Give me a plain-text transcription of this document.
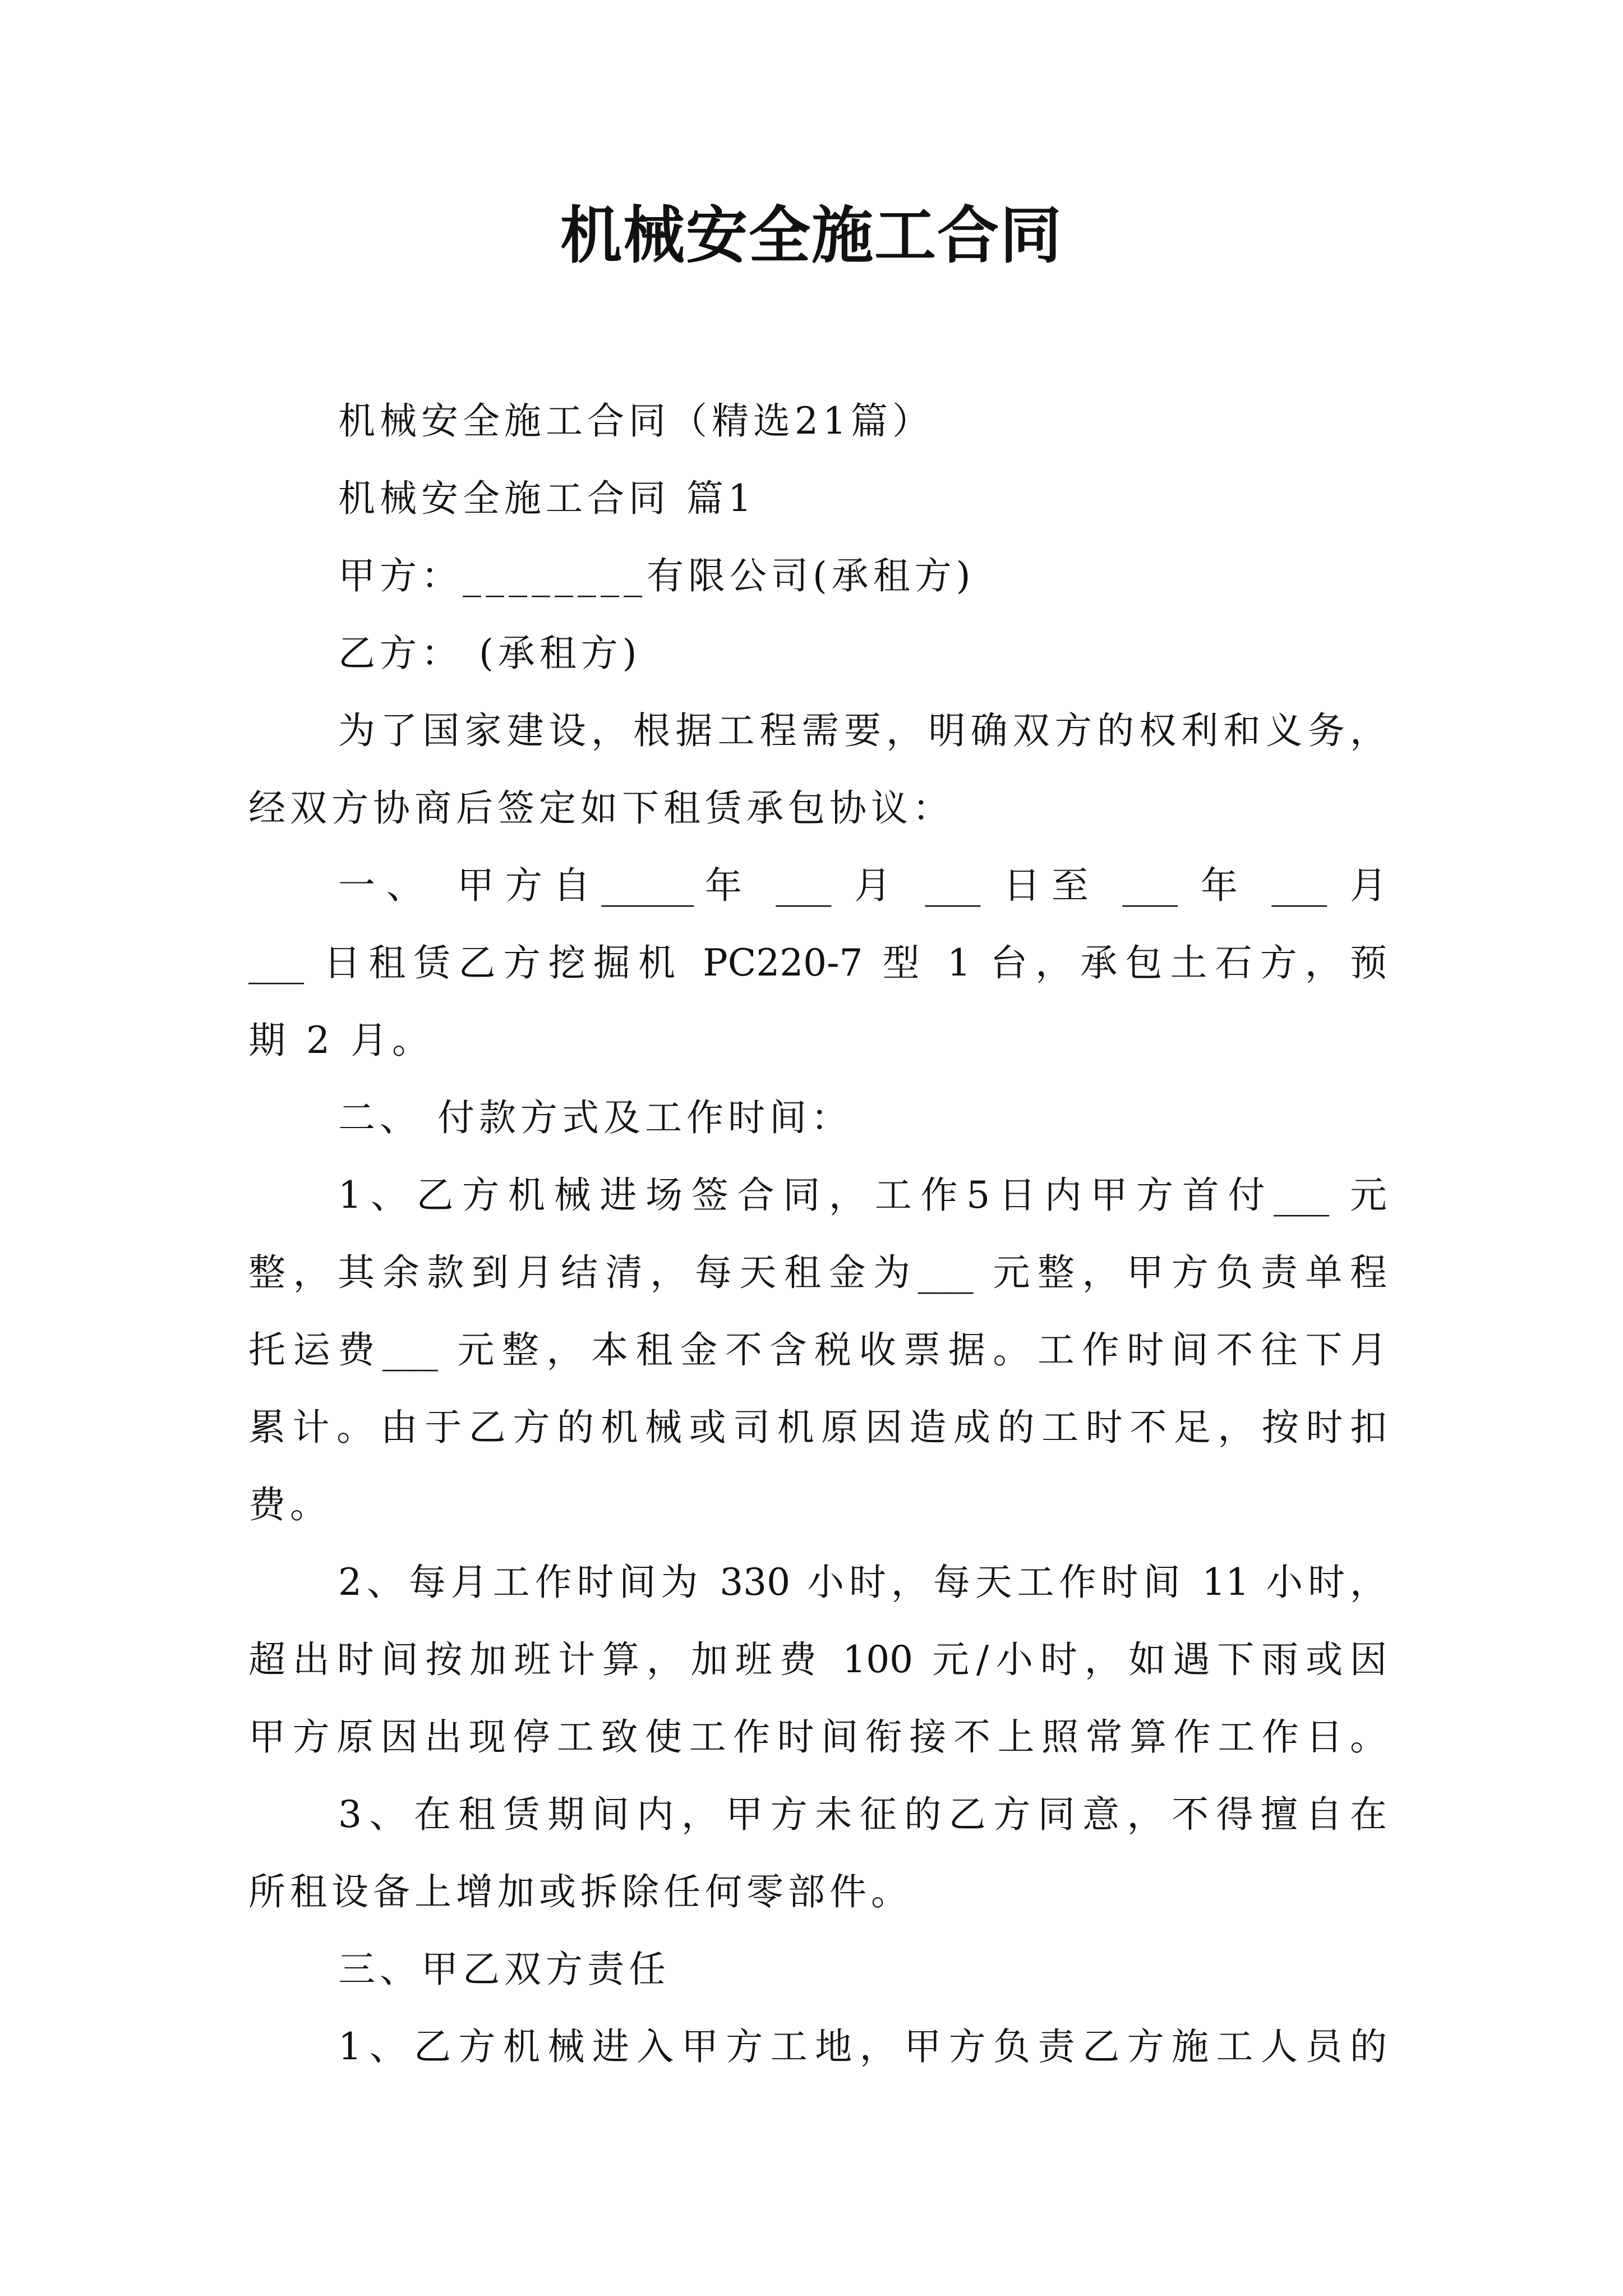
机械安全施工合同
机械安全施工合同（精选21篇）
机械安全施工合同 篇1
甲方：________有限公司(承租方)
乙方： (承租方)
为了国家建设，根据工程需要，明确双方的权利和义务，
经双方协商后签定如下租赁承包协议：
一、 甲方自_____年 ___ 月 ___ 日至 ___ 年 ___ 月
___ 日租赁乙方挖掘机 PC220-7 型 1 台，承包土石方，预
期 2 月。
二、 付款方式及工作时间：
1、乙方机械进场签合同，工作5日内甲方首付___ 元
整，其余款到月结清，每天租金为___ 元整，甲方负责单程
托运费___ 元整，本租金不含税收票据。工作时间不往下月
累计。由于乙方的机械或司机原因造成的工时不足，按时扣
费。
2、每月工作时间为 330 小时，每天工作时间 11 小时，
超出时间按加班计算，加班费 100 元/小时，如遇下雨或因
甲方原因出现停工致使工作时间衔接不上照常算作工作日。
3、在租赁期间内，甲方未征的乙方同意，不得擅自在
所租设备上增加或拆除任何零部件。
三、甲乙双方责任
1、乙方机械进入甲方工地，甲方负责乙方施工人员的
